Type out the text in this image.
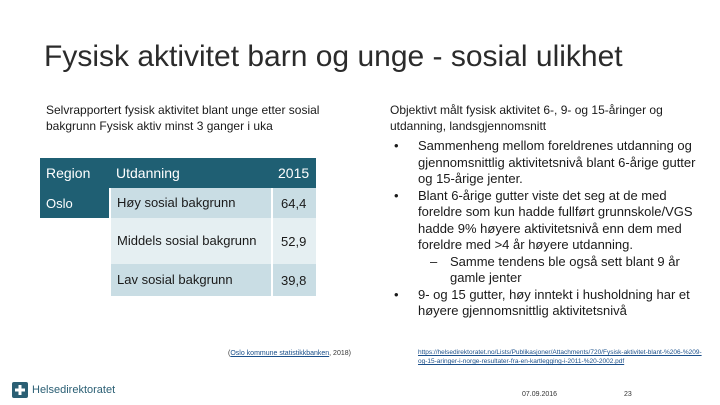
Fysisk aktivitet barn og unge - sosial ulikhet
Selvrapportert fysisk aktivitet blant unge etter sosial bakgrunn Fysisk aktiv minst 3 ganger i uka
Region	Utdanning	2015
Oslo	Høy sosial bakgrunn	64,4
	Middels sosial bakgrunn	52,9
	Lav sosial bakgrunn	39,8
(Oslo kommune statistikkbanken, 2018)
Objektivt målt fysisk aktivitet 6-, 9- og 15-åringer og utdanning, landsgjennomsnitt
• Sammenheng mellom foreldrenes utdanning og gjennomsnittlig aktivitetsnivå blant 6-årige gutter og 15-årige jenter.
• Blant 6-årige gutter viste det seg at de med foreldre som kun hadde fullført grunnskole/VGS hadde 9% høyere aktivitetsnivå enn dem med foreldre med >4 år høyere utdanning.
– Samme tendens ble også sett blant 9 år gamle jenter
• 9- og 15 gutter, høy inntekt i husholdning har et høyere gjennomsnittlig aktivitetsnivå
https://helsedirektoratet.no/Lists/Publikasjoner/Attachments/720/Fysisk-aktivitet-blant-%206-%209-og-15-aringer-i-norge-resultater-fra-en-kartlegging-i-2011-%20-2002.pdf
Helsedirektoratet	07.09.2016	23
